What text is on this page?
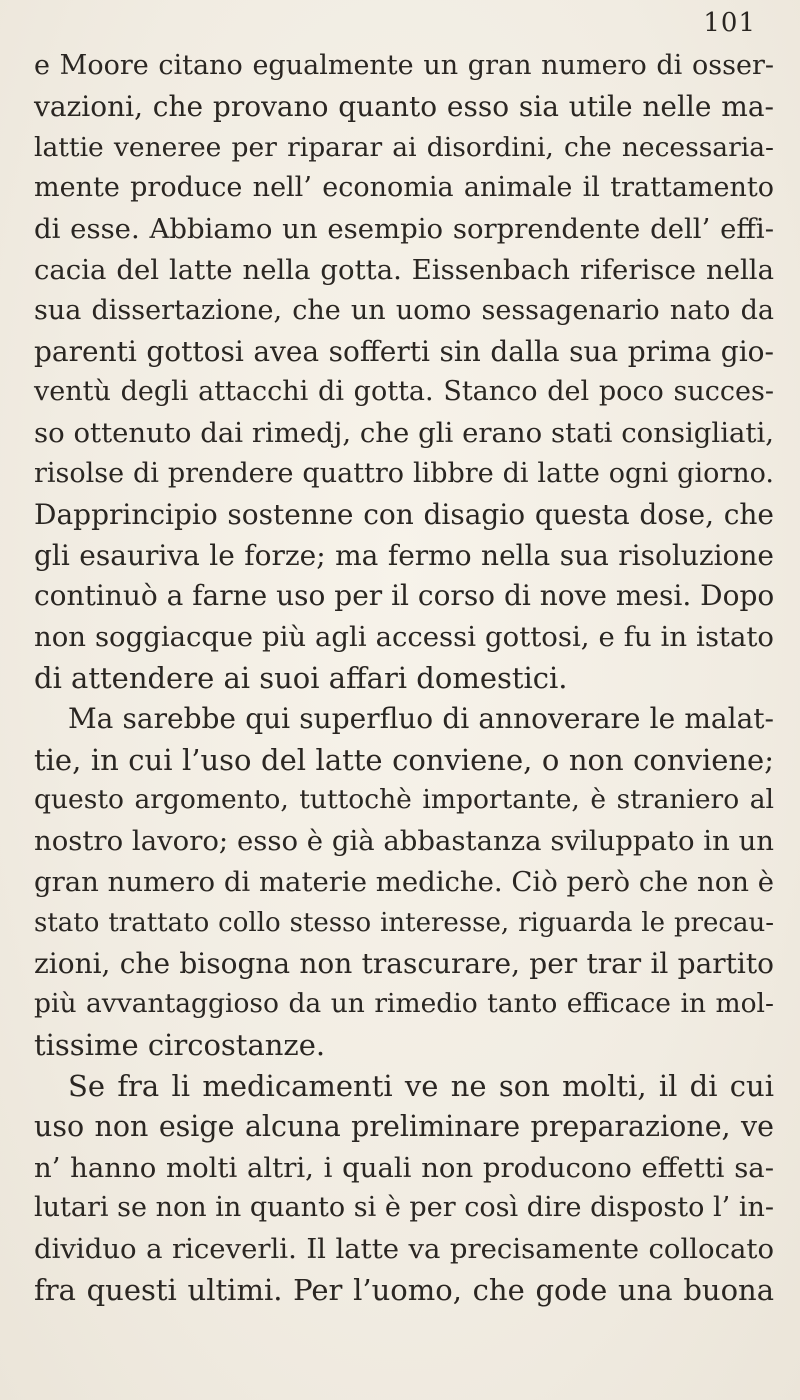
101
e Moore citano egualmente un gran numero di osser-
vazioni, che provano quanto esso sia utile nelle ma-
lattie veneree per riparar ai disordini, che necessaria-
mente produce nell’ economia animale il trattamento
di esse. Abbiamo un esempio sorprendente dell’ effi-
cacia del latte nella gotta. Eissenbach riferisce nella
sua dissertazione, che un uomo sessagenario nato da
parenti gottosi avea sofferti sin dalla sua prima gio-
ventù degli attacchi di gotta. Stanco del poco succes-
so ottenuto dai rimedj, che gli erano stati consigliati,
risolse di prendere quattro libbre di latte ogni giorno.
Dapprincipio sostenne con disagio questa dose, che
gli esauriva le forze; ma fermo nella sua risoluzione
continuò a farne uso per il corso di nove mesi. Dopo
non soggiacque più agli accessi gottosi, e fu in istato
di attendere ai suoi affari domestici.
Ma sarebbe qui superfluo di annoverare le malat-
tie, in cui l’uso del latte conviene, o non conviene;
questo argomento, tuttochè importante, è straniero al
nostro lavoro; esso è già abbastanza sviluppato in un
gran numero di materie mediche. Ciò però che non è
stato trattato collo stesso interesse, riguarda le precau-
zioni, che bisogna non trascurare, per trar il partito
più avvantaggioso da un rimedio tanto efficace in mol-
tissime circostanze.
Se fra li medicamenti ve ne son molti, il di cui
uso non esige alcuna preliminare preparazione, ve
n’ hanno molti altri, i quali non producono effetti sa-
lutari se non in quanto si è per così dire disposto l’ in-
dividuo a riceverli. Il latte va precisamente collocato
fra questi ultimi. Per l’uomo, che gode una buona
